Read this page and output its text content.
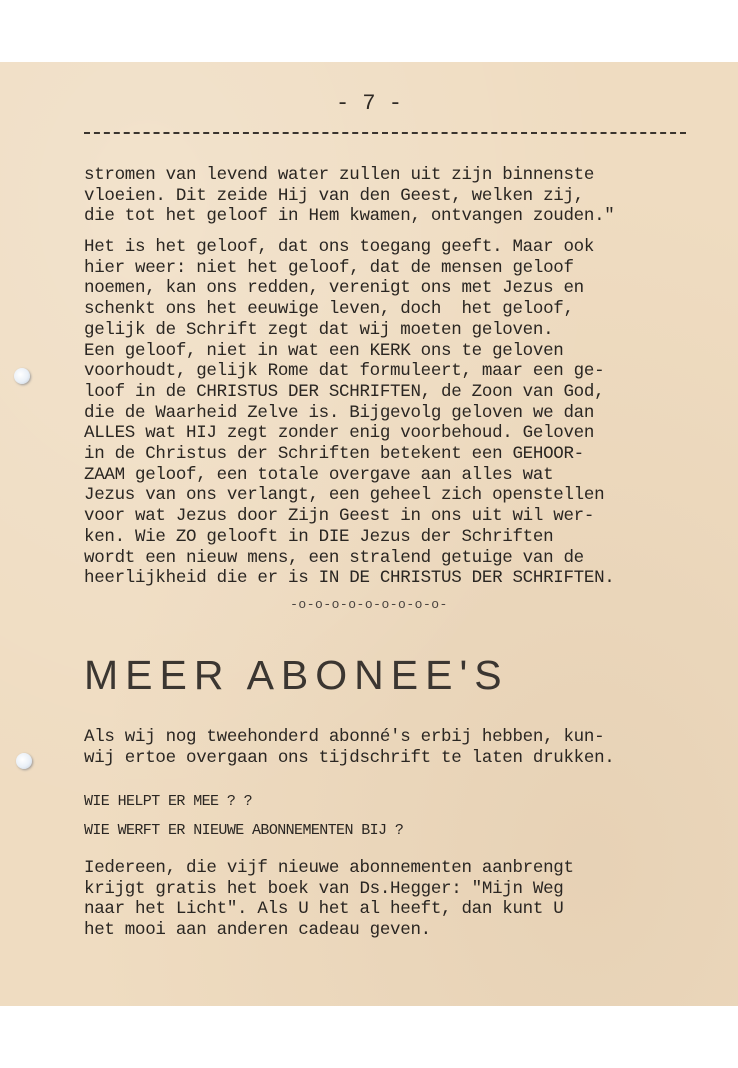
- 7 -

stromen van levend water zullen uit zijn binnenste
vloeien. Dit zeide Hij van den Geest, welken zij,
die tot het geloof in Hem kwamen, ontvangen zouden."

Het is het geloof, dat ons toegang geeft. Maar ook
hier weer: niet het geloof, dat de mensen geloof
noemen, kan ons redden, verenigt ons met Jezus en
schenkt ons het eeuwige leven, doch  het geloof,
gelijk de Schrift zegt dat wij moeten geloven.
Een geloof, niet in wat een KERK ons te geloven
voorhoudt, gelijk Rome dat formuleert, maar een ge-
loof in de CHRISTUS DER SCHRIFTEN, de Zoon van God,
die de Waarheid Zelve is. Bijgevolg geloven we dan
ALLES wat HIJ zegt zonder enig voorbehoud. Geloven
in de Christus der Schriften betekent een GEHOOR-
ZAAM geloof, een totale overgave aan alles wat
Jezus van ons verlangt, een geheel zich openstellen
voor wat Jezus door Zijn Geest in ons uit wil wer-
ken. Wie ZO gelooft in DIE Jezus der Schriften
wordt een nieuw mens, een stralend getuige van de
heerlijkheid die er is IN DE CHRISTUS DER SCHRIFTEN.

-o-o-o-o-o-o-o-o-o-
MEER ABONEE'S

Als wij nog tweehonderd abonné's erbij hebben, kun-
wij ertoe overgaan ons tijdschrift te laten drukken.

WIE HELPT ER MEE ? ?

WIE WERFT ER NIEUWE ABONNEMENTEN BIJ ?

Iedereen, die vijf nieuwe abonnementen aanbrengt
krijgt gratis het boek van Ds.Hegger: "Mijn Weg
naar het Licht". Als U het al heeft, dan kunt U
het mooi aan anderen cadeau geven.
